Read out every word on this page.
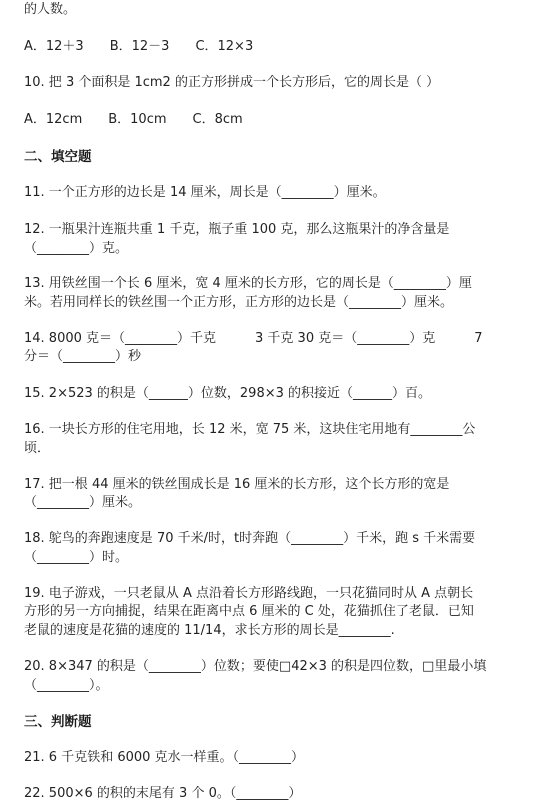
的人数。
A．12＋3　　B．12－3　　C．12×3
10. 把 3 个面积是 1cm2 的正方形拼成一个长方形后，它的周长是（ ）
A．12cm　　B．10cm　　C．8cm
二、填空题
11. 一个正方形的边长是 14 厘米，周长是（________）厘米。
12. 一瓶果汁连瓶共重 1 千克，瓶子重 100 克，那么这瓶果汁的净含量是
（________）克。
13. 用铁丝围一个长 6 厘米，宽 4 厘米的长方形，它的周长是（________）厘
米。若用同样长的铁丝围一个正方形，正方形的边长是（________）厘米。
14. 8000 克＝（________）千克　　　3 千克 30 克＝（________）克　　　7
分＝（________）秒
15. 2×523 的积是（______）位数，298×3 的积接近（______）百。
16. 一块长方形的住宅用地，长 12 米，宽 75 米，这块住宅用地有________公
顷．
17. 把一根 44 厘米的铁丝围成长是 16 厘米的长方形，这个长方形的宽是
（________）厘米。
18. 鸵鸟的奔跑速度是 70 千米/时，t时奔跑（________）千米，跑 s 千米需要
（________）时。
19. 电子游戏，一只老鼠从 A 点沿着长方形路线跑，一只花猫同时从 A 点朝长
方形的另一方向捕捉，结果在距离中点 6 厘米的 C 处，花猫抓住了老鼠．已知
老鼠的速度是花猫的速度的 11/14，求长方形的周长是________.
20. 8×347 的积是（________）位数；要使□42×3 的积是四位数，□里最小填
（________）。
三、判断题
21. 6 千克铁和 6000 克水一样重。（________）
22. 500×6 的积的末尾有 3 个 0。（________）
